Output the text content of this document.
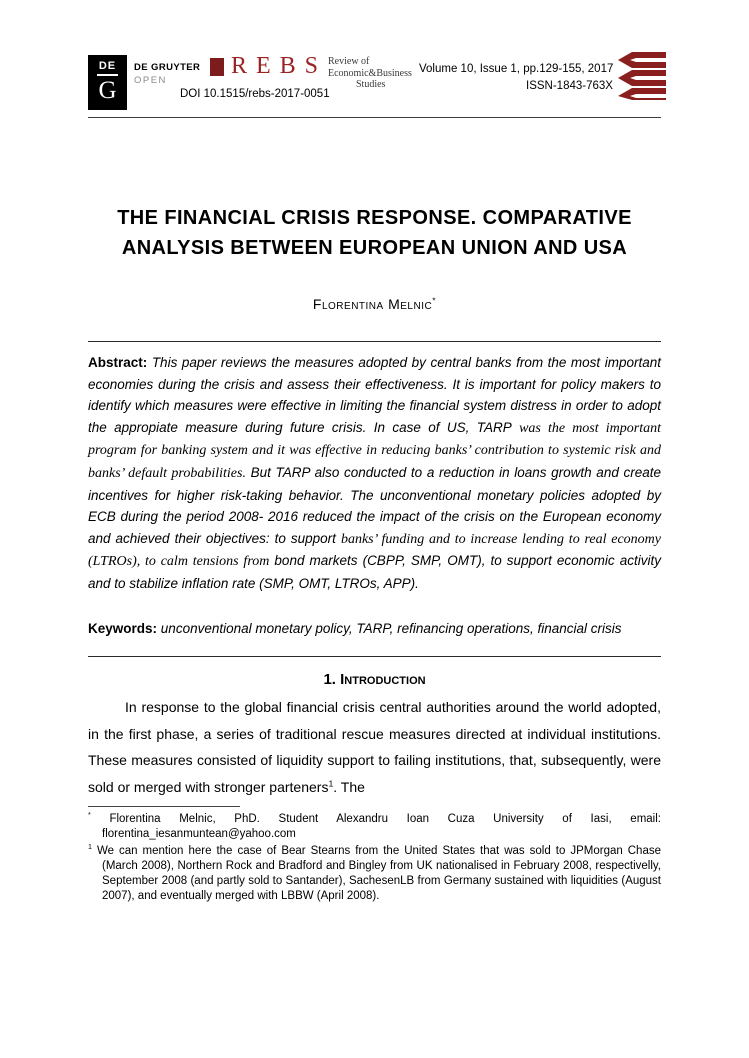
DE
G
DE GRUYTER
OPEN
DOI 10.1515/rebs-2017-0051
REBS Review of
Economic&Business
Studies
Volume 10, Issue 1, pp.129-155, 2017
ISSN-1843-763X
THE FINANCIAL CRISIS RESPONSE. COMPARATIVE
ANALYSIS BETWEEN EUROPEAN UNION AND USA
Florentina Melnic*

Abstract: This paper reviews the measures adopted by central banks from the most important economies during the crisis and assess their effectiveness. It is important for policy makers to identify which measures were effective in limiting the financial system distress in order to adopt the appropiate measure during future crisis. In case of US, TARP was the most important program for banking system and it was effective in reducing banks’ contribution to systemic risk and banks’ default probabilities. But TARP also conducted to a reduction in loans growth and create incentives for higher risk-taking behavior. The unconventional monetary policies adopted by ECB during the period 2008- 2016 reduced the impact of the crisis on the European economy and achieved their objectives: to support banks’ funding and to increase lending to real economy (LTROs), to calm tensions from bond markets (CBPP, SMP, OMT), to support economic activity and to stabilize inflation rate (SMP, OMT, LTROs, APP).

Keywords: unconventional monetary policy, TARP, refinancing operations, financial crisis

1. Introduction

In response to the global financial crisis central authorities around the world adopted, in the first phase, a series of traditional rescue measures directed at individual institutions. These measures consisted of liquidity support to failing institutions, that, subsequently, were sold or merged with stronger parteners$^1$. The

* Florentina Melnic, PhD. Student Alexandru Ioan Cuza University of Iasi, email: florentina_iesanmuntean@yahoo.com
$^1$ We can mention here the case of Bear Stearns from the United States that was sold to JPMorgan Chase (March 2008), Northern Rock and Bradford and Bingley from UK nationalised in February 2008, respectivelly, September 2008 (and partly sold to Santander), SachesenLB from Germany sustained with liquidities (August 2007), and eventually merged with LBBW (April 2008).
